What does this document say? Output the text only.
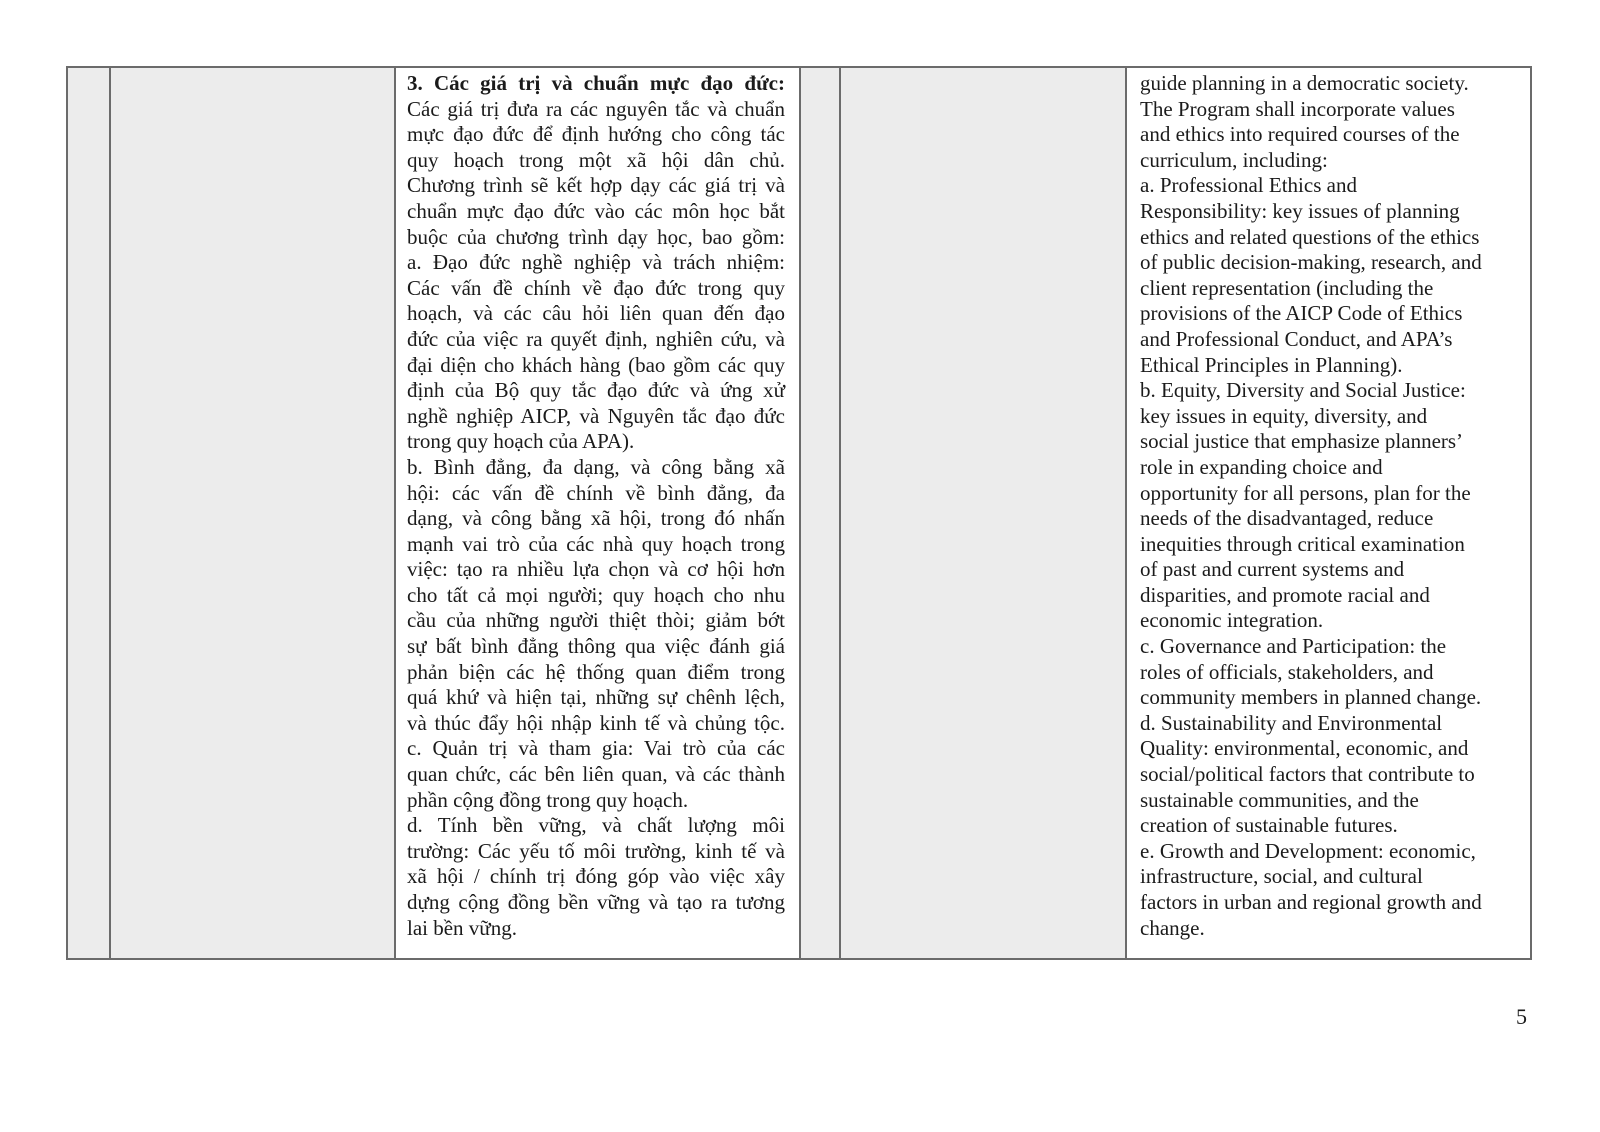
3. Các giá trị và chuẩn mực đạo đức:
Các giá trị đưa ra các nguyên tắc và chuẩn
mực đạo đức để định hướng cho công tác
quy hoạch trong một xã hội dân chủ.
Chương trình sẽ kết hợp dạy các giá trị và
chuẩn mực đạo đức vào các môn học bắt
buộc của chương trình dạy học, bao gồm:
a. Đạo đức nghề nghiệp và trách nhiệm:
Các vấn đề chính về đạo đức trong quy
hoạch, và các câu hỏi liên quan đến đạo
đức của việc ra quyết định, nghiên cứu, và
đại diện cho khách hàng (bao gồm các quy
định của Bộ quy tắc đạo đức và ứng xử
nghề nghiệp AICP, và Nguyên tắc đạo đức
trong quy hoạch của APA).
b. Bình đẳng, đa dạng, và công bằng xã
hội: các vấn đề chính về bình đẳng, đa
dạng, và công bằng xã hội, trong đó nhấn
mạnh vai trò của các nhà quy hoạch trong
việc: tạo ra nhiều lựa chọn và cơ hội hơn
cho tất cả mọi người; quy hoạch cho nhu
cầu của những người thiệt thòi; giảm bớt
sự bất bình đẳng thông qua việc đánh giá
phản biện các hệ thống quan điểm trong
quá khứ và hiện tại, những sự chênh lệch,
và thúc đẩy hội nhập kinh tế và chủng tộc.
c. Quản trị và tham gia: Vai trò của các
quan chức, các bên liên quan, và các thành
phần cộng đồng trong quy hoạch.
d. Tính bền vững, và chất lượng môi
trường: Các yếu tố môi trường, kinh tế và
xã hội / chính trị đóng góp vào việc xây
dựng cộng đồng bền vững và tạo ra tương
lai bền vững.
guide planning in a democratic society.
The Program shall incorporate values
and ethics into required courses of the
curriculum, including:
a. Professional Ethics and
Responsibility: key issues of planning
ethics and related questions of the ethics
of public decision-making, research, and
client representation (including the
provisions of the AICP Code of Ethics
and Professional Conduct, and APA’s
Ethical Principles in Planning).
b. Equity, Diversity and Social Justice:
key issues in equity, diversity, and
social justice that emphasize planners’
role in expanding choice and
opportunity for all persons, plan for the
needs of the disadvantaged, reduce
inequities through critical examination
of past and current systems and
disparities, and promote racial and
economic integration.
c. Governance and Participation: the
roles of officials, stakeholders, and
community members in planned change.
d. Sustainability and Environmental
Quality: environmental, economic, and
social/political factors that contribute to
sustainable communities, and the
creation of sustainable futures.
e. Growth and Development: economic,
infrastructure, social, and cultural
factors in urban and regional growth and
change.
5
